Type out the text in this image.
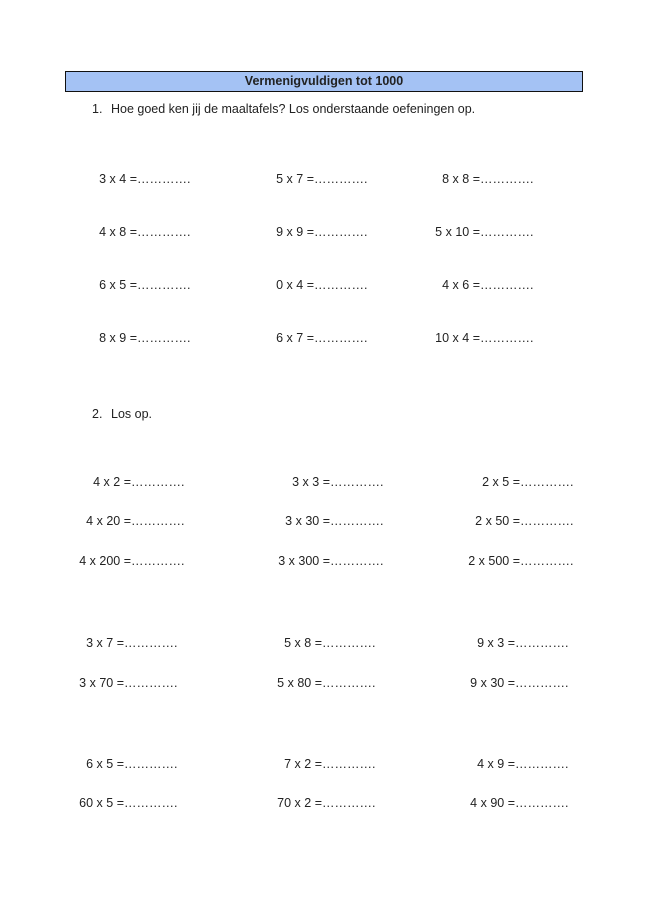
Vermenigvuldigen tot 1000
1. Hoe goed ken jij de maaltafels? Los onderstaande oefeningen op.
2. Los op.
3 x 4 = ………….	5 x 7 = ………….	8 x 8 = ………….
4 x 8 = ………….	9 x 9 = ………….	5 x 10 = ………….
6 x 5 = ………….	0 x 4 = ………….	4 x 6 = ………….
8 x 9 = ………….	6 x 7 = ………….	10 x 4 = ………….
4 x 2 = ………….	3 x 3 = ………….	2 x 5 = ………….
4 x 20 = ………….	3 x 30 = ………….	2 x 50 = ………….
4 x 200 = ………….	3 x 300 = ………….	2 x 500 = ………….
3 x 7 = ………….	5 x 8 = ………….	9 x 3 = ………….
3 x 70 = ………….	5 x 80 = ………….	9 x 30 = ………….
6 x 5 = ………….	7 x 2 = ………….	4 x 9 = ………….
60 x 5 = ………….	70 x 2 = ………….	4 x 90 = ………….
